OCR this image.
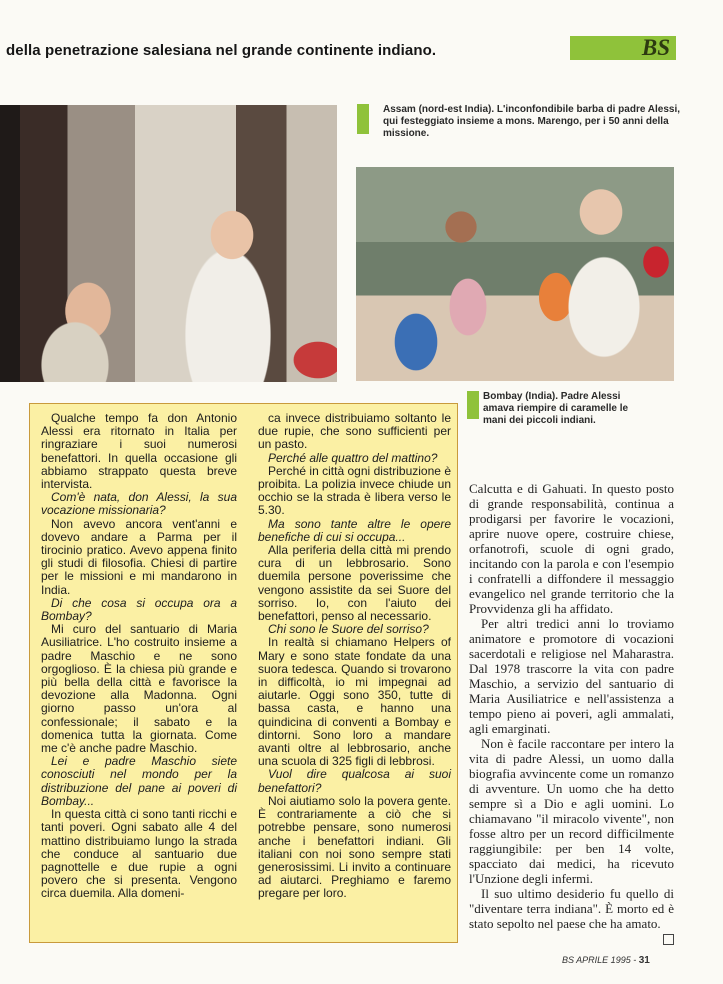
della penetrazione salesiana nel grande continente indiano.	BS
Assam (nord-est India). L'inconfondibile barba di padre Alessi, qui festeggiato insieme a mons. Marengo, per i 50 anni della missione.
Bombay (India). Padre Alessi amava riempire di caramelle le mani dei piccoli indiani.

Qualche tempo fa don Antonio Alessi era ritornato in Italia per ringraziare i suoi numerosi benefattori. In quella occasione gli abbiamo strappato questa breve intervista.

Com'è nata, don Alessi, la sua vocazione missionaria?

Non avevo ancora vent'anni e dovevo andare a Parma per il tirocinio pratico. Avevo appena finito gli studi di filosofia. Chiesi di partire per le missioni e mi mandarono in India.

Di che cosa si occupa ora a Bombay?

Mi curo del santuario di Maria Ausiliatrice. L'ho costruito insieme a padre Maschio e ne sono orgoglioso. È la chiesa più grande e più bella della città e favorisce la devozione alla Madonna. Ogni giorno passo un'ora al confessionale; il sabato e la domenica tutta la giornata. Come me c'è anche padre Maschio.

Lei e padre Maschio siete conosciuti nel mondo per la distribuzione del pane ai poveri di Bombay...

In questa città ci sono tanti ricchi e tanti poveri. Ogni sabato alle 4 del mattino distribuiamo lungo la strada che conduce al santuario due pagnottelle e due rupie a ogni povero che si presenta. Vengono circa duemila. Alla domeni-

ca invece distribuiamo soltanto le due rupie, che sono sufficienti per un pasto.

Perché alle quattro del mattino?

Perché in città ogni distribuzione è proibita. La polizia invece chiude un occhio se la strada è libera verso le 5.30.

Ma sono tante altre le opere benefiche di cui si occupa...

Alla periferia della città mi prendo cura di un lebbrosario. Sono duemila persone poverissime che vengono assistite da sei Suore del sorriso. Io, con l'aiuto dei benefattori, penso al necessario.

Chi sono le Suore del sorriso?

In realtà si chiamano Helpers of Mary e sono state fondate da una suora tedesca. Quando si trovarono in difficoltà, io mi impegnai ad aiutarle. Oggi sono 350, tutte di bassa casta, e hanno una quindicina di conventi a Bombay e dintorni. Sono loro a mandare avanti oltre al lebbrosario, anche una scuola di 325 figli di lebbrosi.

Vuol dire qualcosa ai suoi benefattori?

Noi aiutiamo solo la povera gente. È contrariamente a ciò che si potrebbe pensare, sono numerosi anche i benefattori indiani. Gli italiani con noi sono sempre stati generosissimi. Li invito a continuare ad aiutarci. Preghiamo e faremo pregare per loro.

Calcutta e di Gahuati. In questo posto di grande responsabilità, continua a prodigarsi per favorire le vocazioni, aprire nuove opere, costruire chiese, orfanotrofi, scuole di ogni grado, incitando con la parola e con l'esempio i confratelli a diffondere il messaggio evangelico nel grande territorio che la Provvidenza gli ha affidato.

Per altri tredici anni lo troviamo animatore e promotore di vocazioni sacerdotali e religiose nel Maharastra. Dal 1978 trascorre la vita con padre Maschio, a servizio del santuario di Maria Ausiliatrice e nell'assistenza a tempo pieno ai poveri, agli ammalati, agli emarginati.

Non è facile raccontare per intero la vita di padre Alessi, un uomo dalla biografia avvincente come un romanzo di avventure. Un uomo che ha detto sempre sì a Dio e agli uomini. Lo chiamavano "il miracolo vivente", non fosse altro per un record difficilmente raggiungibile: per ben 14 volte, spacciato dai medici, ha ricevuto l'Unzione degli infermi.

Il suo ultimo desiderio fu quello di "diventare terra indiana". È morto ed è stato sepolto nel paese che ha amato.

BS APRILE 1995 - 31
